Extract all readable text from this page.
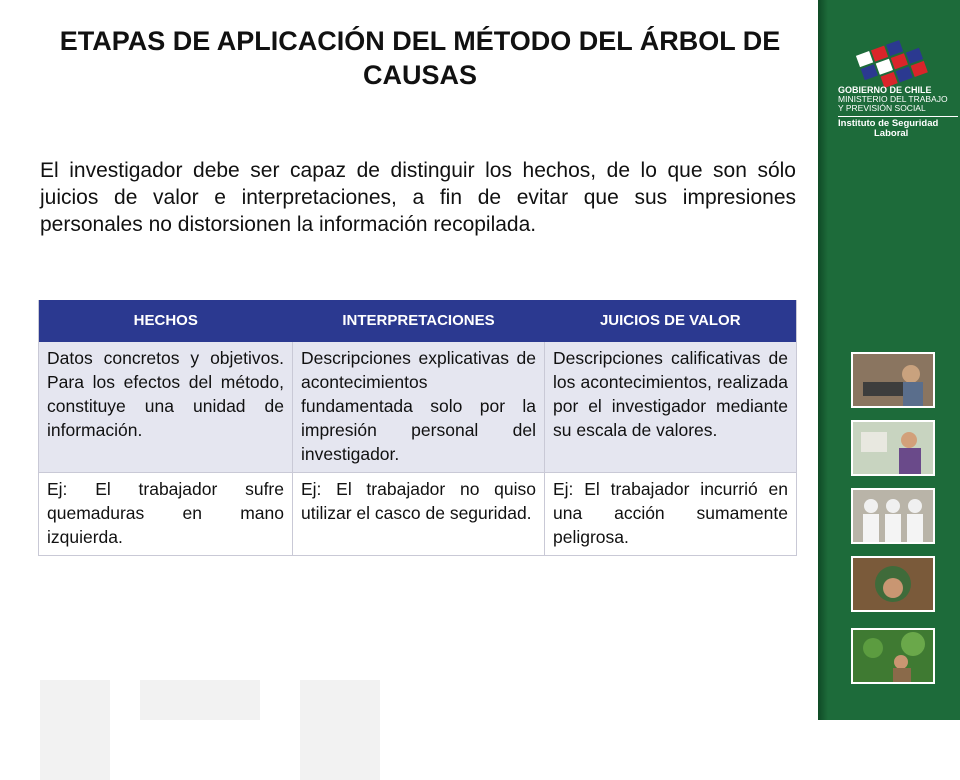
ETAPAS DE APLICACIÓN DEL MÉTODO DEL ÁRBOL DE CAUSAS
El investigador debe ser capaz de distinguir los hechos, de lo que son sólo juicios de valor e interpretaciones, a fin de evitar que sus impresiones personales no distorsionen la información recopilada.
HECHOS	INTERPRETACIONES	JUICIOS DE VALOR
Datos concretos y objetivos. Para los efectos del método, constituye una unidad de información.	Descripciones explicativas de acontecimientos fundamentada solo por la impresión personal del investigador.	Descripciones calificativas de los acontecimientos, realizada por el investigador mediante su escala de valores.
Ej: El trabajador sufre quemaduras en mano izquierda.	Ej: El trabajador no quiso utilizar el casco de seguridad.	Ej: El trabajador incurrió en una acción sumamente peligrosa.
GOBIERNO DE CHILE
MINISTERIO DEL TRABAJO
Y PREVISIÓN SOCIAL
Instituto de Seguridad
Laboral
